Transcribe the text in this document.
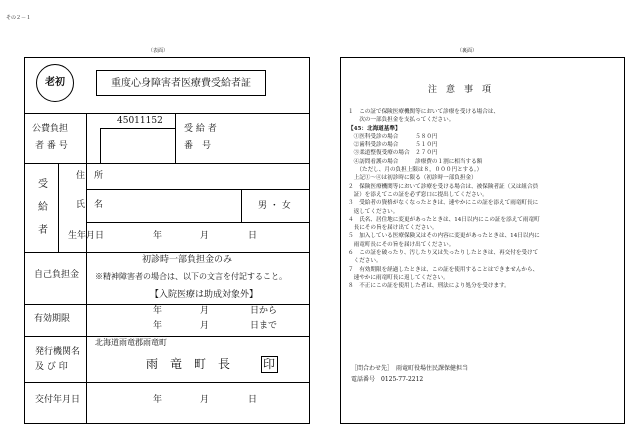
その２－１
（表面）
老初	重度心身障害者医療費受給者証
公費負担
者 番 号
45011152
受 給 者
番　号
受
給
者
住　所
氏　名	男 ・ 女
生年月日	年	月	日
自己負担金
初診時一部負担金のみ
※精神障害者の場合は、以下の文言を付記すること。
【入院医療は助成対象外】
有効期限
年	月	日から
年	月	日まで
発行機関名
及 び 印
北海道雨竜郡雨竜町
雨　竜　町　長	印
交付年月日	年	月	日
（裏面）
注　意　事　項
１　この証で保険医療機関等において診療を受ける場合は、
　　次の一部負担金を支払ってください。
【45：北海道基準】
　①医科受診の場合　　　５８０円
　②歯科受診の場合　　　５１０円
　③柔道整復受療の場合　２７０円
　④訪問看護の場合　　　診療費の１割に相当する額
　　（ただし、月の負担上限は８，０００円とする。）
　上記①～④は初診時に限る（初診時一部負担金）
２　保険医療機関等において診療を受ける場合は、被保険者証（又は組合員
　証）を添えてこの証を必ず窓口に提出してください。
３　受給者の資格がなくなったときは、速やかにこの証を添えて雨竜町長に
　返してください。
４　氏名、居住地に変更があったときは、14日以内にこの証を添えて雨竜町
　長にその旨を届け出てください。
５　加入している医療保険又はその内容に変更があったときは、14日以内に
　雨竜町長にその旨を届け出てください。
６　この証を破ったり、汚したり又は失ったりしたときは、再交付を受けて
　ください。
７　有効期限を経過したときは、この証を使用することはできませんから、
　速やかに雨竜町長に返してください。
８　不正にこの証を使用した者は、刑法により処分を受けます。
［問合わせ先］　雨竜町役場住民課保健担当
電話番号　0125-77-2212
